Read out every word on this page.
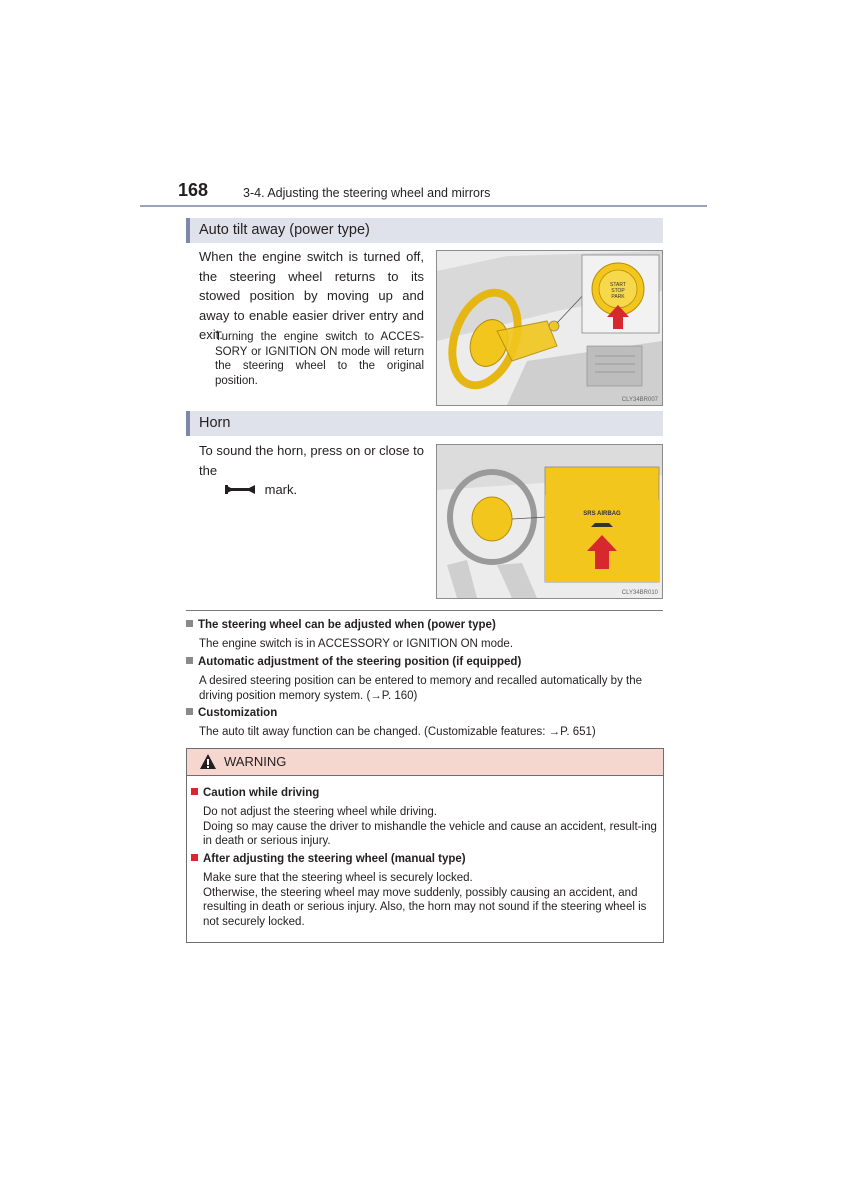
168	3-4. Adjusting the steering wheel and mirrors
Auto tilt away (power type)
When the engine switch is turned off, the steering wheel returns to its stowed position by moving up and away to enable easier driver entry and exit.
Turning the engine switch to ACCES-SORY or IGNITION ON mode will return the steering wheel to the original position.
START
STOP
PARK
CLY34BR007
Horn
To sound the horn, press on or close to the

mark.
SRS AIRBAG
CLY34BR010
The steering wheel can be adjusted when (power type)
The engine switch is in ACCESSORY or IGNITION ON mode.
Automatic adjustment of the steering position (if equipped)
A desired steering position can be entered to memory and recalled automatically by the driving position memory system. (→P. 160)
Customization
The auto tilt away function can be changed. (Customizable features: →P. 651)
WARNING
Caution while driving
Do not adjust the steering wheel while driving.
Doing so may cause the driver to mishandle the vehicle and cause an accident, result-ing in death or serious injury.
After adjusting the steering wheel (manual type)
Make sure that the steering wheel is securely locked.
Otherwise, the steering wheel may move suddenly, possibly causing an accident, and resulting in death or serious injury. Also, the horn may not sound if the steering wheel is not securely locked.
